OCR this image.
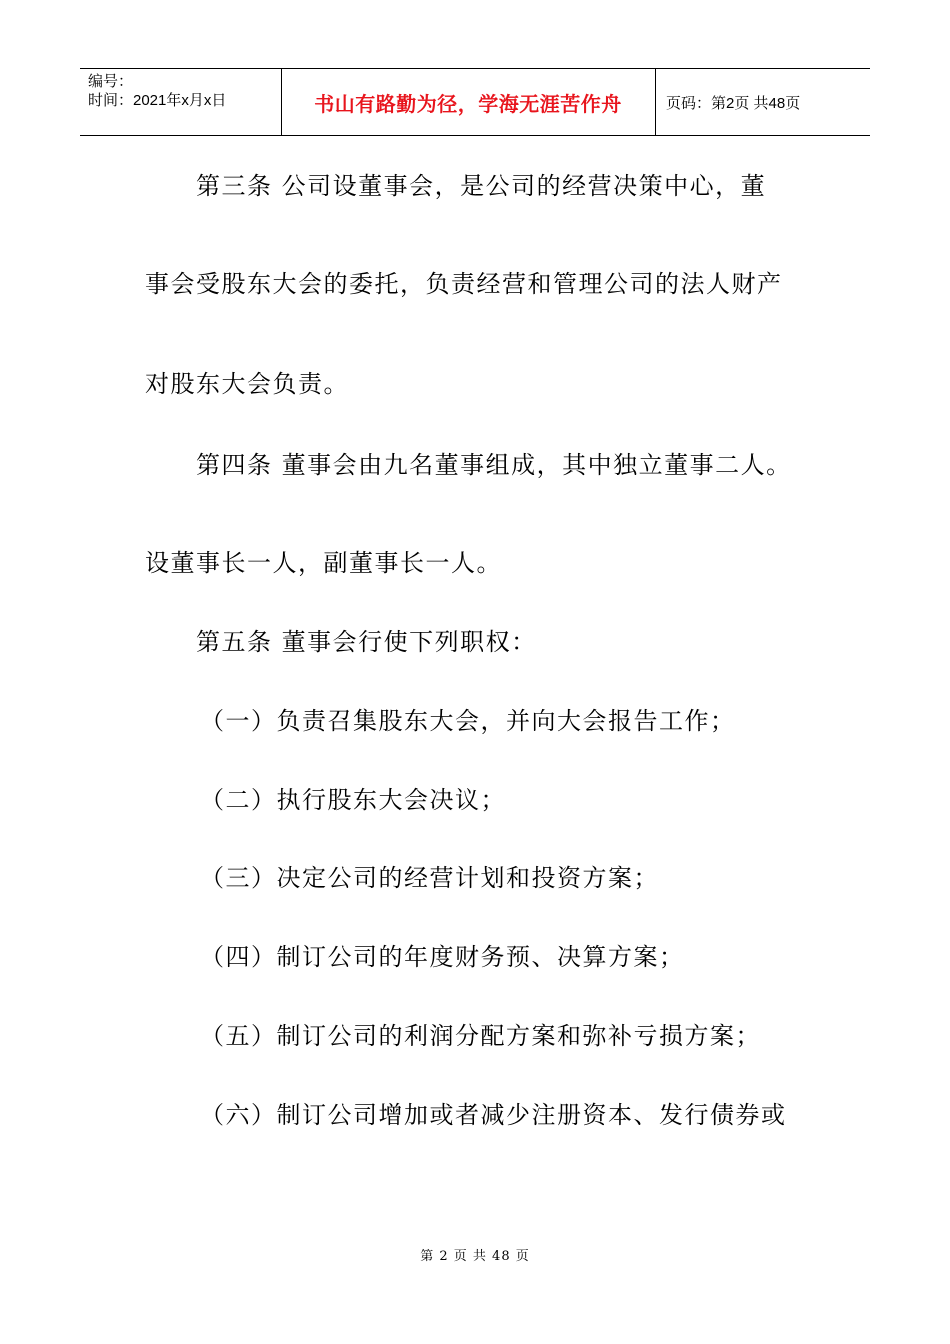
编号：
时间：2021年x月x日	书山有路勤为径，学海无涯苦作舟	页码：第2页 共48页
第三条 公司设董事会，是公司的经营决策中心，董
事会受股东大会的委托，负责经营和管理公司的法人财产
对股东大会负责。
第四条 董事会由九名董事组成，其中独立董事二人。
设董事长一人，副董事长一人。
第五条 董事会行使下列职权：
（一）负责召集股东大会，并向大会报告工作；
（二）执行股东大会决议；
（三）决定公司的经营计划和投资方案；
（四）制订公司的年度财务预、决算方案；
（五）制订公司的利润分配方案和弥补亏损方案；
（六）制订公司增加或者减少注册资本、发行债券或
第 2 页 共 48 页
